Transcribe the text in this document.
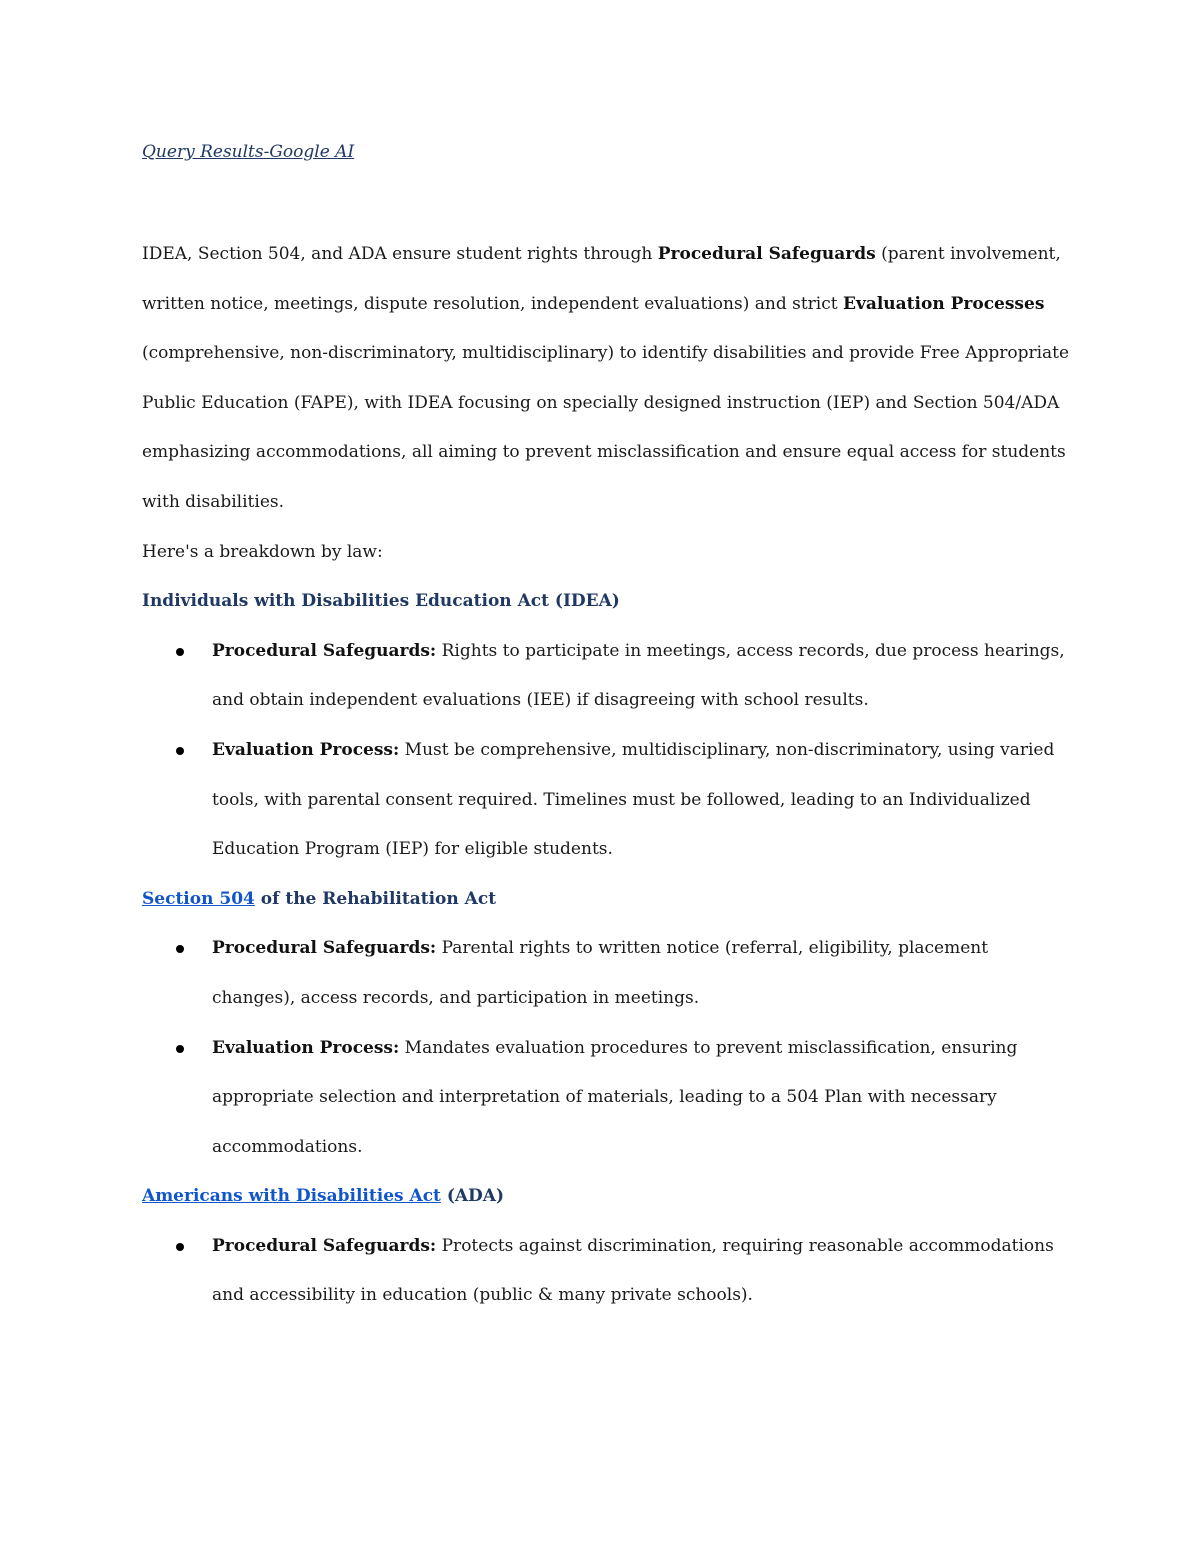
Query Results-Google AI

IDEA, Section 504, and ADA ensure student rights through Procedural Safeguards (parent involvement, written notice, meetings, dispute resolution, independent evaluations) and strict Evaluation Processes (comprehensive, non-discriminatory, multidisciplinary) to identify disabilities and provide Free Appropriate Public Education (FAPE), with IDEA focusing on specially designed instruction (IEP) and Section 504/ADA emphasizing accommodations, all aiming to prevent misclassification and ensure equal access for students with disabilities.

Here's a breakdown by law:

Individuals with Disabilities Education Act (IDEA)

Procedural Safeguards: Rights to participate in meetings, access records, due process hearings, and obtain independent evaluations (IEE) if disagreeing with school results.
Evaluation Process: Must be comprehensive, multidisciplinary, non-discriminatory, using varied tools, with parental consent required. Timelines must be followed, leading to an Individualized Education Program (IEP) for eligible students.

Section 504 of the Rehabilitation Act

Procedural Safeguards: Parental rights to written notice (referral, eligibility, placement changes), access records, and participation in meetings.
Evaluation Process: Mandates evaluation procedures to prevent misclassification, ensuring appropriate selection and interpretation of materials, leading to a 504 Plan with necessary accommodations.

Americans with Disabilities Act (ADA)

Procedural Safeguards: Protects against discrimination, requiring reasonable accommodations and accessibility in education (public & many private schools).
